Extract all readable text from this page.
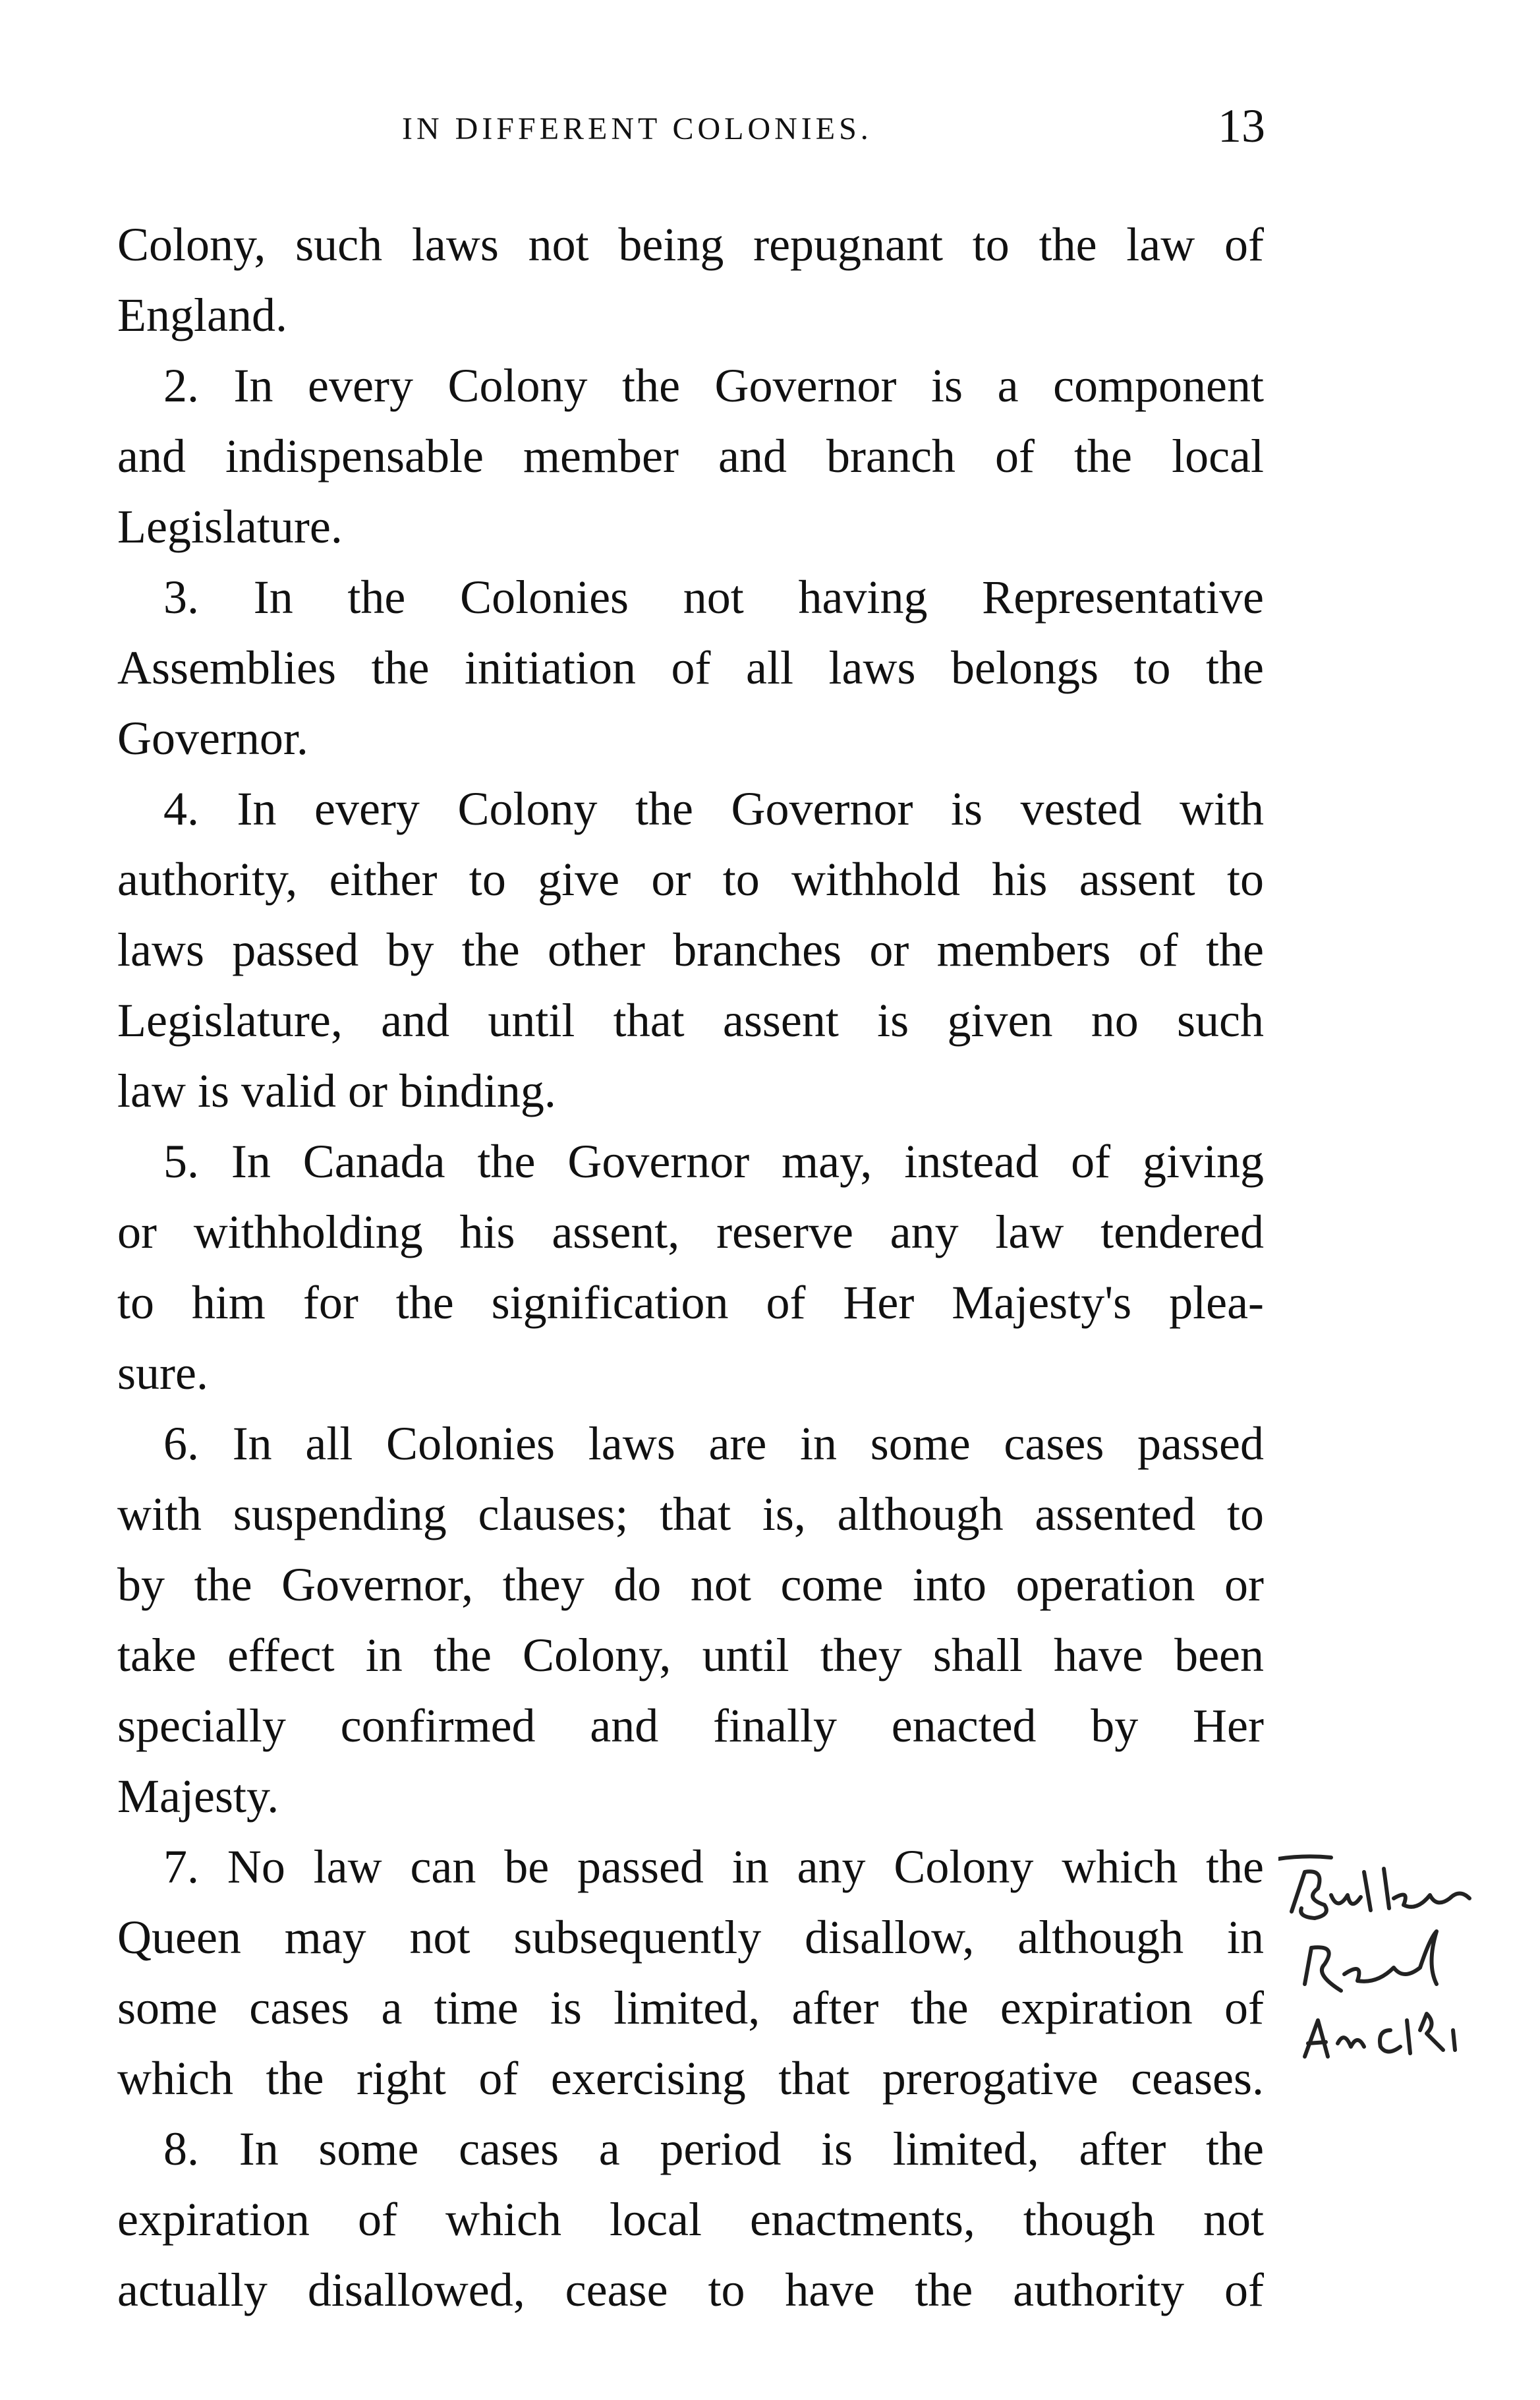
IN DIFFERENT COLONIES.	13
Colony, such laws not being repugnant to the law of
England.
2. In every Colony the Governor is a component
and indispensable member and branch of the local
Legislature.
3. In the Colonies not having Representative
Assemblies the initiation of all laws belongs to the
Governor.
4. In every Colony the Governor is vested with
authority, either to give or to withhold his assent to
laws passed by the other branches or members of the
Legislature, and until that assent is given no such
law is valid or binding.
5. In Canada the Governor may, instead of giving
or withholding his assent, reserve any law tendered
to him for the signification of Her Majesty's plea-
sure.
6. In all Colonies laws are in some cases passed
with suspending clauses; that is, although assented to
by the Governor, they do not come into operation or
take effect in the Colony, until they shall have been
specially confirmed and finally enacted by Her
Majesty.
7. No law can be passed in any Colony which the
Queen may not subsequently disallow, although in
some cases a time is limited, after the expiration of
which the right of exercising that prerogative ceases.
8. In some cases a period is limited, after the
expiration of which local enactments, though not
actually disallowed, cease to have the authority of
